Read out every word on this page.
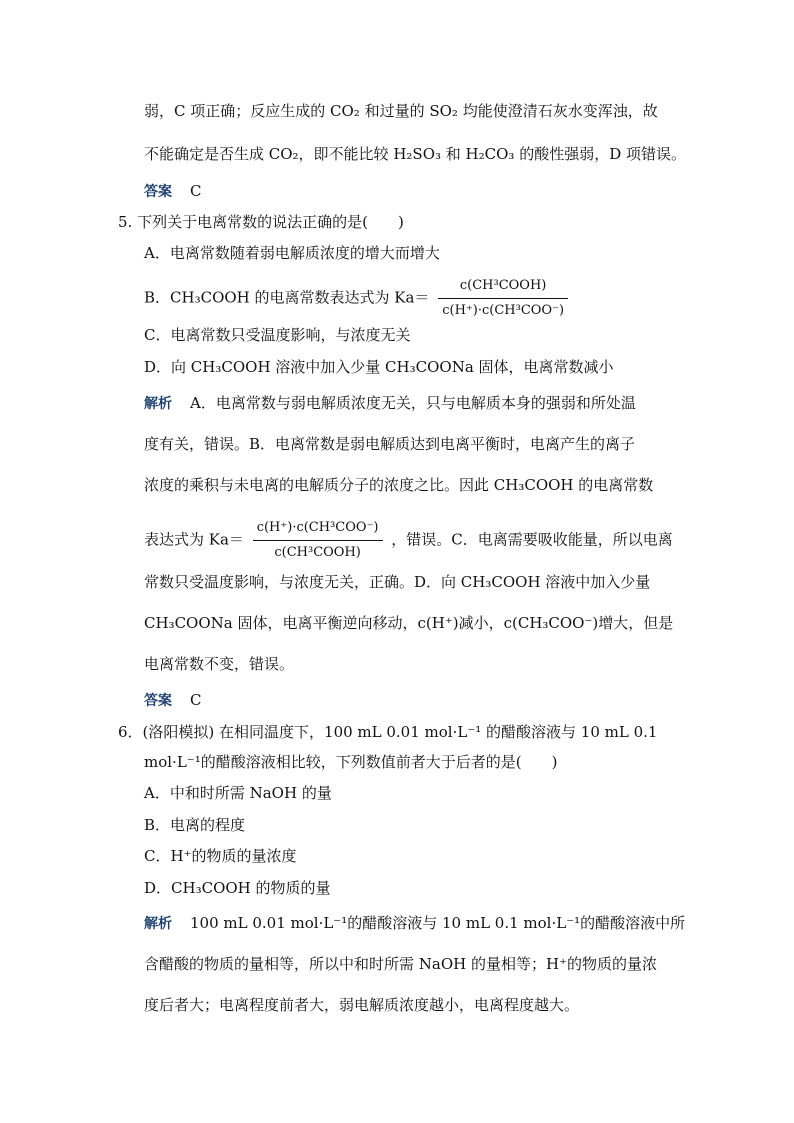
弱，C 项正确；反应生成的 CO₂ 和过量的 SO₂ 均能使澄清石灰水变浑浊，故
不能确定是否生成 CO₂，即不能比较 H₂SO₃ 和 H₂CO₃ 的酸性强弱，D 项错误。
答案 C
5. 下列关于电离常数的说法正确的是(　　)
A．电离常数随着弱电解质浓度的增大而增大
B．CH₃COOH 的电离常数表达式为 $Ka= \frac{\text{c(CH³COOH)}}{\text{c(H⁺)·c(CH³COO⁻)}}$
C．电离常数只受温度影响，与浓度无关
D．向 CH₃COOH 溶液中加入少量 CH₃COONa 固体，电离常数减小
解析 A．电离常数与弱电解质浓度无关，只与电解质本身的强弱和所处温
度有关，错误。B．电离常数是弱电解质达到电离平衡时，电离产生的离子
浓度的乘积与未电离的电解质分子的浓度之比。因此 CH₃COOH 的电离常数
表达式为 $Ka= \frac{\text{c(H⁺)·c(CH³COO⁻)}}{\text{c(CH³COOH)}}$ ，错误。C．电离需要吸收能量，所以电离
常数只受温度影响，与浓度无关，正确。D．向 CH₃COOH 溶液中加入少量
CH₃COONa 固体，电离平衡逆向移动，c(H⁺)减小，c(CH₃COO⁻)增大，但是
电离常数不变，错误。
答案 C
6．(洛阳模拟) 在相同温度下，100 mL 0.01 mol·L⁻¹ 的醋酸溶液与 10 mL 0.1
mol·L⁻¹的醋酸溶液相比较，下列数值前者大于后者的是(　　)
A．中和时所需 NaOH 的量
B．电离的程度
C．H⁺的物质的量浓度
D．CH₃COOH 的物质的量
解析 100 mL 0.01 mol·L⁻¹的醋酸溶液与 10 mL 0.1 mol·L⁻¹的醋酸溶液中所
含醋酸的物质的量相等，所以中和时所需 NaOH 的量相等；H⁺的物质的量浓
度后者大；电离程度前者大，弱电解质浓度越小，电离程度越大。
